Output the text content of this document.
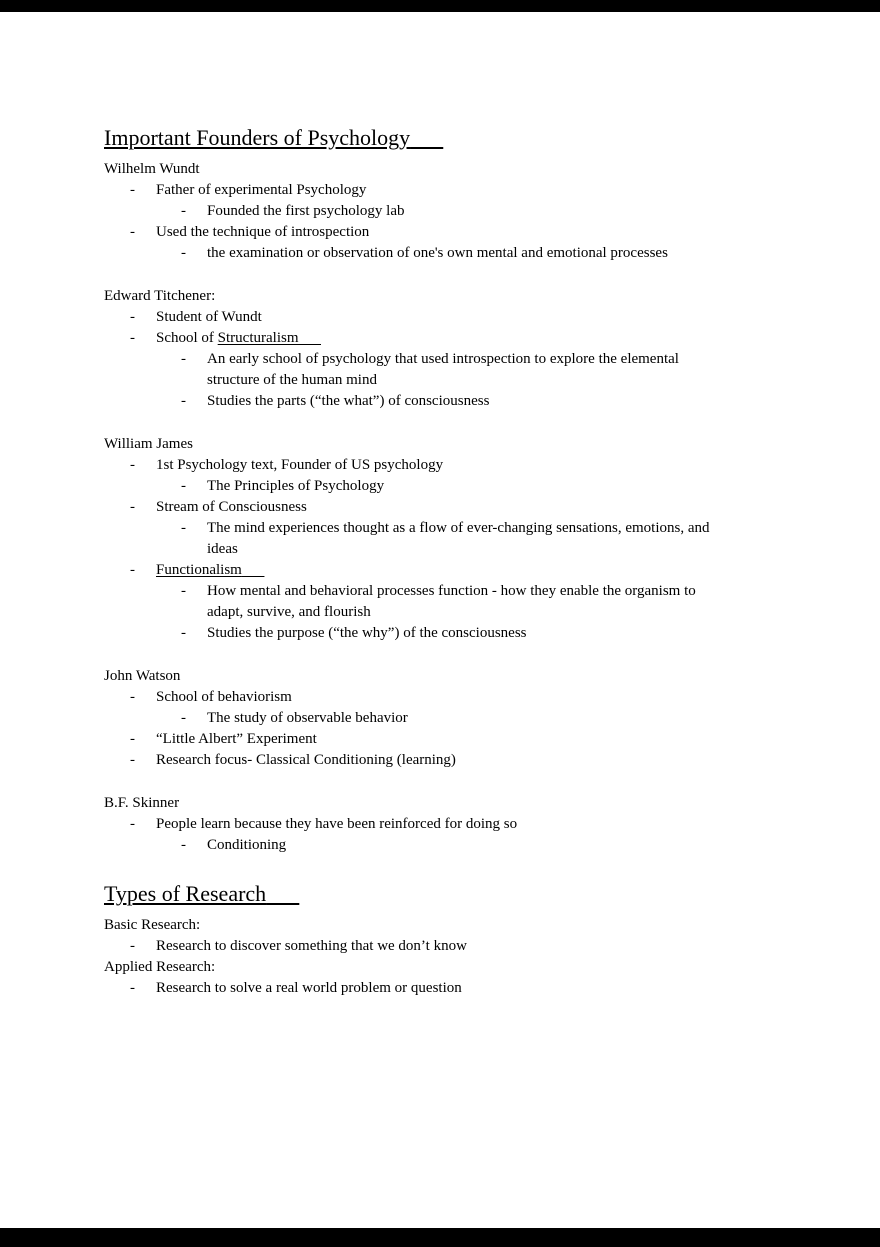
Important Founders of Psychology

Wilhelm Wundt

-	Father of experimental Psychology
-	Founded the first psychology lab
-	Used the technique of introspection
-	the examination or observation of one's own mental and emotional processes

Edward Titchener:

-	Student of Wundt
-	School of Structuralism
-	An early school of psychology that used introspection to explore the elemental structure of the human mind
-	Studies the parts (“the what”) of consciousness

William James

-	1st Psychology text, Founder of US psychology
-	The Principles of Psychology
-	Stream of Consciousness
-	The mind experiences thought as a flow of ever-changing sensations, emotions, and ideas
-	Functionalism
-	How mental and behavioral processes function - how they enable the organism to adapt, survive, and flourish
-	Studies the purpose (“the why”) of the consciousness

John Watson

-	School of behaviorism
-	The study of observable behavior
-	“Little Albert” Experiment
-	Research focus- Classical Conditioning (learning)

B.F. Skinner

-	People learn because they have been reinforced for doing so
-	Conditioning
Types of Research

Basic Research:

-	Research to discover something that we don’t know

Applied Research:

-	Research to solve a real world problem or question
